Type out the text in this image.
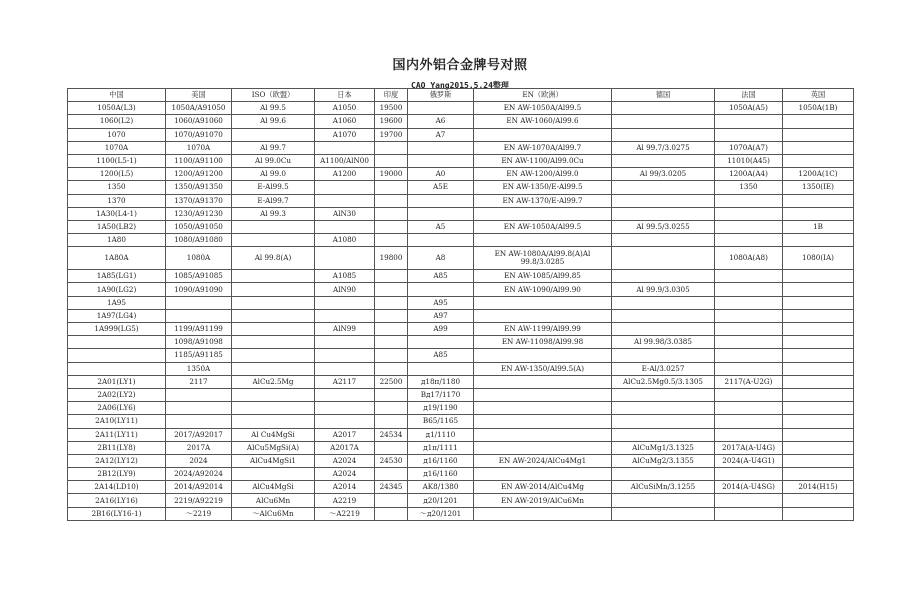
国内外铝合金牌号对照
CAO Yang2015.5.24整理
中国	美国	ISO（欧盟）	日本	印度	俄罗斯	EN（欧洲）	德国	法国	英国
1050A(L3)	1050A/A91050	Al 99.5	A1050	19500		EN AW-1050A/Al99.5		1050A(A5)	1050A(1B)
1060(L2)	1060/A91060	Al 99.6	A1060	19600	A6	EN AW-1060/Al99.6			
1070	1070/A91070		A1070	19700	A7				
1070A	1070A	Al 99.7				EN AW-1070A/Al99.7	Al 99.7/3.0275	1070A(A7)	
1100(L5-1)	1100/A91100	Al 99.0Cu	A1100/AlN00			EN AW-1100/Al99.0Cu		11010(A45)	
1200(L5)	1200/A91200	Al 99.0	A1200	19000	A0	EN AW-1200/Al99.0	Al 99/3.0205	1200A(A4)	1200A(1C)
1350	1350/A91350	E-Al99.5			A5E	EN AW-1350/E-Al99.5		1350	1350(IE)
1370	1370/A91370	E-Al99.7				EN AW-1370/E-Al99.7			
1A30(L4-1)	1230/A91230	Al 99.3	AlN30						
1A50(LB2)	1050/A91050				A5	EN AW-1050A/Al99.5	Al 99.5/3.0255		1B
1A80	1080/A91080		A1080						
1A80A	1080A	Al 99.8(A)		19800	A8	EN AW-1080A/Al99.8(A)Al 99.8/3.0285		1080A(A8)	1080(IA)
1A85(LG1)	1085/A91085		A1085		A85	EN AW-1085/Al99.85			
1A90(LG2)	1090/A91090		AlN90			EN AW-1090/Al99.90	Al 99.9/3.0305		
1A95					A95				
1A97(LG4)					A97				
1A999(LG5)	1199/A91199		AlN99		A99	EN AW-1199/Al99.99			
	1098/A91098					EN AW-11098/Al99.98	Al 99.98/3.0385		
	1185/A91185				A85				
	1350A					EN AW-1350/Al99.5(A)	E-Al/3.0257		
2A01(LY1)	2117	AlCu2.5Mg	A2117	22500	д18п/1180		AlCu2.5Mg0.5/3.1305	2117(A-U2G)	
2A02(LY2)					Bд17/1170				
2A06(LY6)					д19/1190				
2A10(LY11)					B65/1165				
2A11(LY11)	2017/A92017	Al Cu4MgSi	A2017	24534	д1/1110				
2B11(LY8)	2017A	AlCu5MgSi(A)	A2017A		д1п/1111		AlCuMg1/3.1325	2017A(A-U4G)	
2A12(LY12)	2024	AlCu4MgSi1	A2024	24530	д16/1160	EN AW-2024/AlCu4Mg1	AlCuMg2/3.1355	2024(A-U4G1)	
2B12(LY9)	2024/A92024		A2024		д16/1160				
2A14(LD10)	2014/A92014	AlCu4MgSi	A2014	24345	AK8/1380	EN AW-2014/AlCu4Mg	AlCuSiMn/3.1255	2014(A-U4SG)	2014(H15)
2A16(LY16)	2219/A92219	AlCu6Mn	A2219		д20/1201	EN AW-2019/AlCu6Mn			
2B16(LY16-1)	～2219	～AlCu6Mn	～A2219		～д20/1201				
